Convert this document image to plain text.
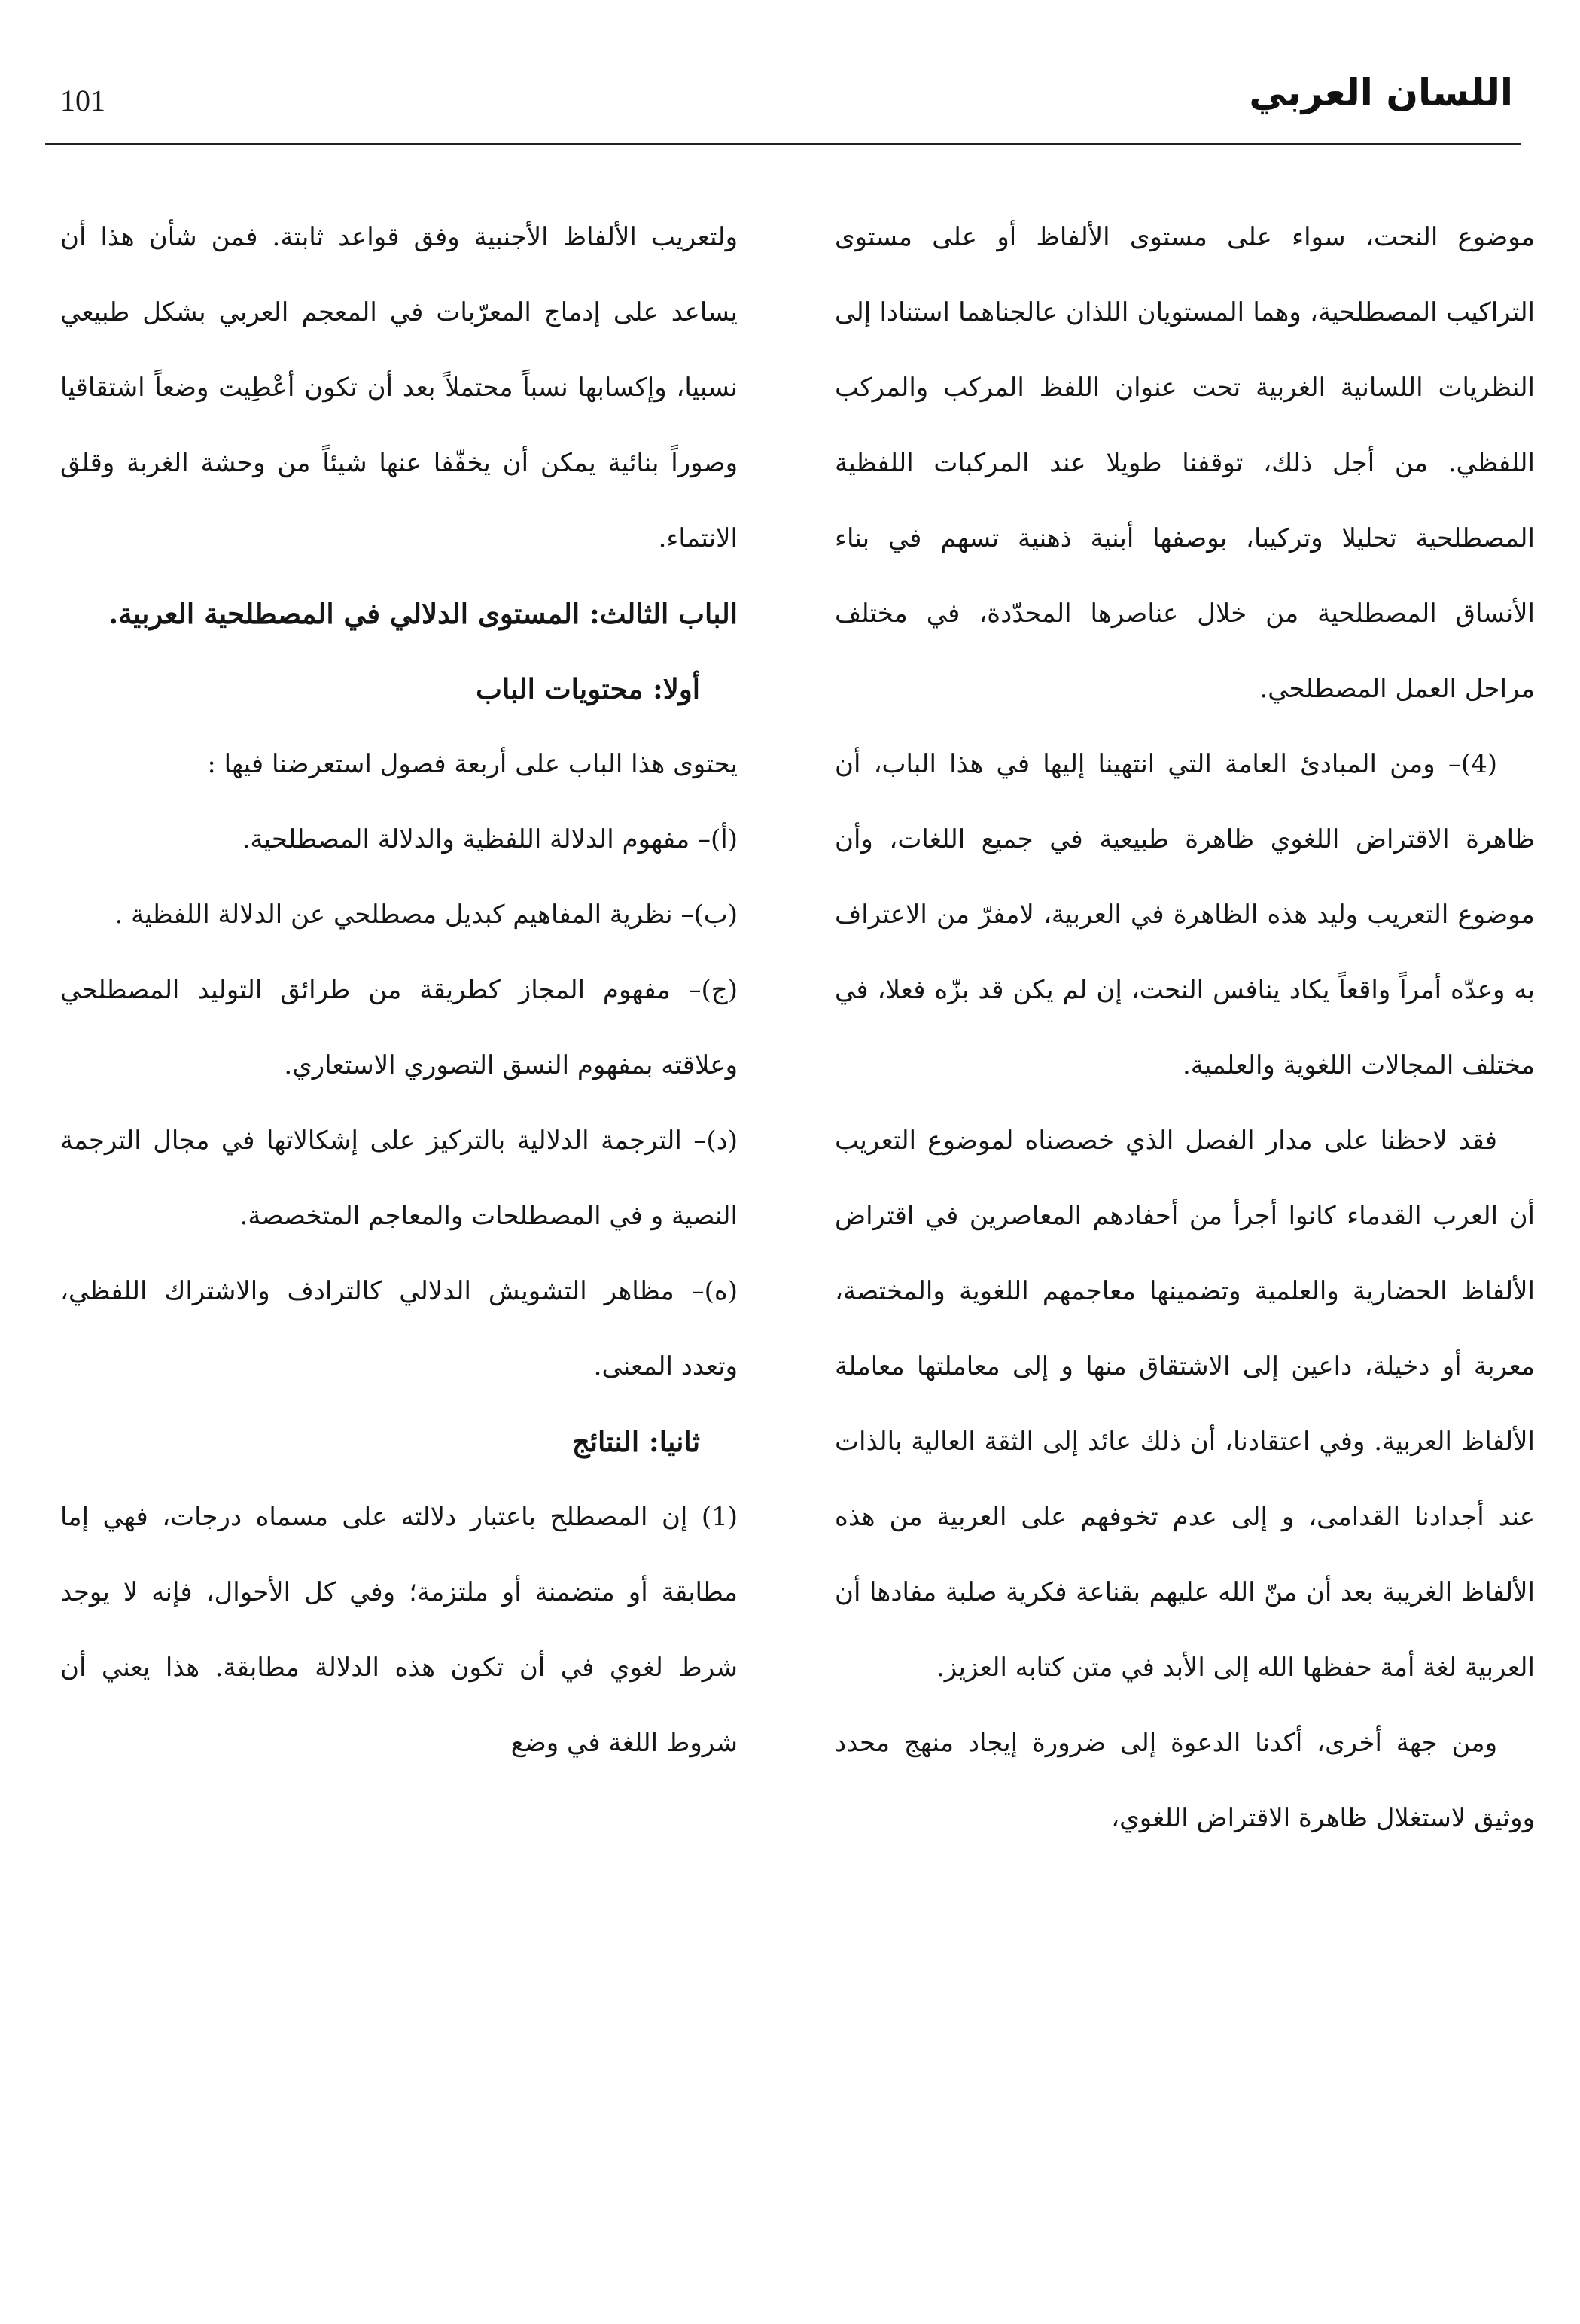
101	اللسان العربي

موضوع النحت، سواء على مستوى الألفاظ أو على مستوى التراكيب المصطلحية، وهما المستويان اللذان عالجناهما استنادا إلى النظريات اللسانية الغربية تحت عنوان اللفظ المركب والمركب اللفظي. من أجل ذلك، توقفنا طويلا عند المركبات اللفظية المصطلحية تحليلا وتركيبا، بوصفها أبنية ذهنية تسهم في بناء الأنساق المصطلحية من خلال عناصرها المحدّدة، في مختلف مراحل العمل المصطلحي.

(4)– ومن المبادئ العامة التي انتهينا إليها في هذا الباب، أن ظاهرة الاقتراض اللغوي ظاهرة طبيعية في جميع اللغات، وأن موضوع التعريب وليد هذه الظاهرة في العربية، لامفرّ من الاعتراف به وعدّه أمراً واقعاً يكاد ينافس النحت، إن لم يكن قد بزّه فعلا، في مختلف المجالات اللغوية والعلمية.

فقد لاحظنا على مدار الفصل الذي خصصناه لموضوع التعريب أن العرب القدماء كانوا أجرأ من أحفادهم المعاصرين في اقتراض الألفاظ الحضارية والعلمية وتضمينها معاجمهم اللغوية والمختصة، معربة أو دخيلة، داعين إلى الاشتقاق منها و إلى معاملتها معاملة الألفاظ العربية. وفي اعتقادنا، أن ذلك عائد إلى الثقة العالية بالذات عند أجدادنا القدامى، و إلى عدم تخوفهم على العربية من هذه الألفاظ الغريبة بعد أن منّ الله عليهم بقناعة فكرية صلبة مفادها أن العربية لغة أمة حفظها الله إلى الأبد في متن كتابه العزيز.

ومن جهة أخرى، أكدنا الدعوة إلى ضرورة إيجاد منهج محدد ووثيق لاستغلال ظاهرة الاقتراض اللغوي،

ولتعريب الألفاظ الأجنبية وفق قواعد ثابتة. فمن شأن هذا أن يساعد على إدماج المعرّبات في المعجم العربي بشكل طبيعي نسبيا، وإكسابها نسباً محتملاً بعد أن تكون أعْطِيت وضعاً اشتقاقيا وصوراً بنائية يمكن أن يخفّفا عنها شيئاً من وحشة الغربة وقلق الانتماء.

الباب الثالث: المستوى الدلالي في المصطلحية العربية.

أولا: محتويات الباب

يحتوى هذا الباب على أربعة فصول استعرضنا فيها :

(أ)– مفهوم الدلالة اللفظية والدلالة المصطلحية.

(ب)– نظرية المفاهيم كبديل مصطلحي عن الدلالة اللفظية .

(ج)– مفهوم المجاز كطريقة من طرائق التوليد المصطلحي وعلاقته بمفهوم النسق التصوري الاستعاري.

(د)– الترجمة الدلالية بالتركيز على إشكالاتها في مجال الترجمة النصية و في المصطلحات والمعاجم المتخصصة.

(ه)– مظاهر التشويش الدلالي كالترادف والاشتراك اللفظي، وتعدد المعنى.

ثانيا: النتائج

(1) إن المصطلح باعتبار دلالته على مسماه درجات، فهي إما مطابقة أو متضمنة أو ملتزمة؛ وفي كل الأحوال، فإنه لا يوجد شرط لغوي في أن تكون هذه الدلالة مطابقة. هذا يعني أن شروط اللغة في وضع
